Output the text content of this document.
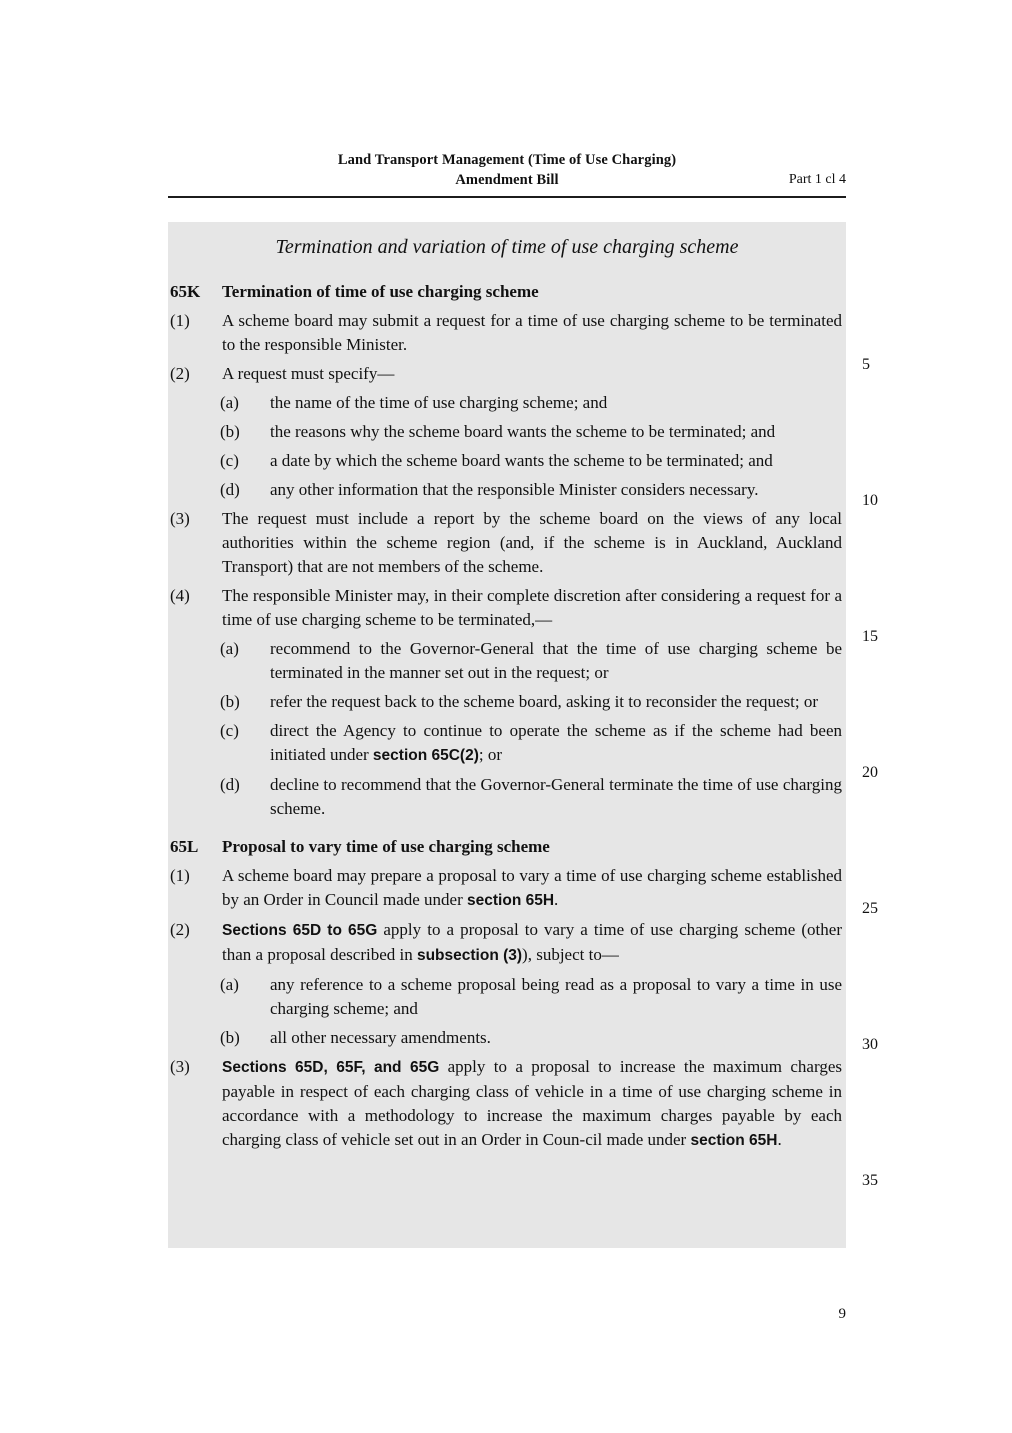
Land Transport Management (Time of Use Charging)
Amendment Bill	Part 1 cl 4
Termination and variation of time of use charging scheme
65K	Termination of time of use charging scheme
(1)	A scheme board may submit a request for a time of use charging scheme to be terminated to the responsible Minister.
(2)	A request must specify—
(a)	the name of the time of use charging scheme; and
(b)	the reasons why the scheme board wants the scheme to be terminated; and
(c)	a date by which the scheme board wants the scheme to be terminated; and
(d)	any other information that the responsible Minister considers necessary.
(3)	The request must include a report by the scheme board on the views of any local authorities within the scheme region (and, if the scheme is in Auckland, Auckland Transport) that are not members of the scheme.
(4)	The responsible Minister may, in their complete discretion after considering a request for a time of use charging scheme to be terminated,—
(a)	recommend to the Governor-General that the time of use charging scheme be terminated in the manner set out in the request; or
(b)	refer the request back to the scheme board, asking it to reconsider the request; or
(c)	direct the Agency to continue to operate the scheme as if the scheme had been initiated under section 65C(2); or
(d)	decline to recommend that the Governor-General terminate the time of use charging scheme.
65L	Proposal to vary time of use charging scheme
(1)	A scheme board may prepare a proposal to vary a time of use charging scheme established by an Order in Council made under section 65H.
(2)	Sections 65D to 65G apply to a proposal to vary a time of use charging scheme (other than a proposal described in subsection (3)), subject to—
(a)	any reference to a scheme proposal being read as a proposal to vary a time in use charging scheme; and
(b)	all other necessary amendments.
(3)	Sections 65D, 65F, and 65G apply to a proposal to increase the maximum charges payable in respect of each charging class of vehicle in a time of use charging scheme in accordance with a methodology to increase the maximum charges payable by each charging class of vehicle set out in an Order in Coun‑cil made under section 65H.
5
10
15
20
25
30
35
9
